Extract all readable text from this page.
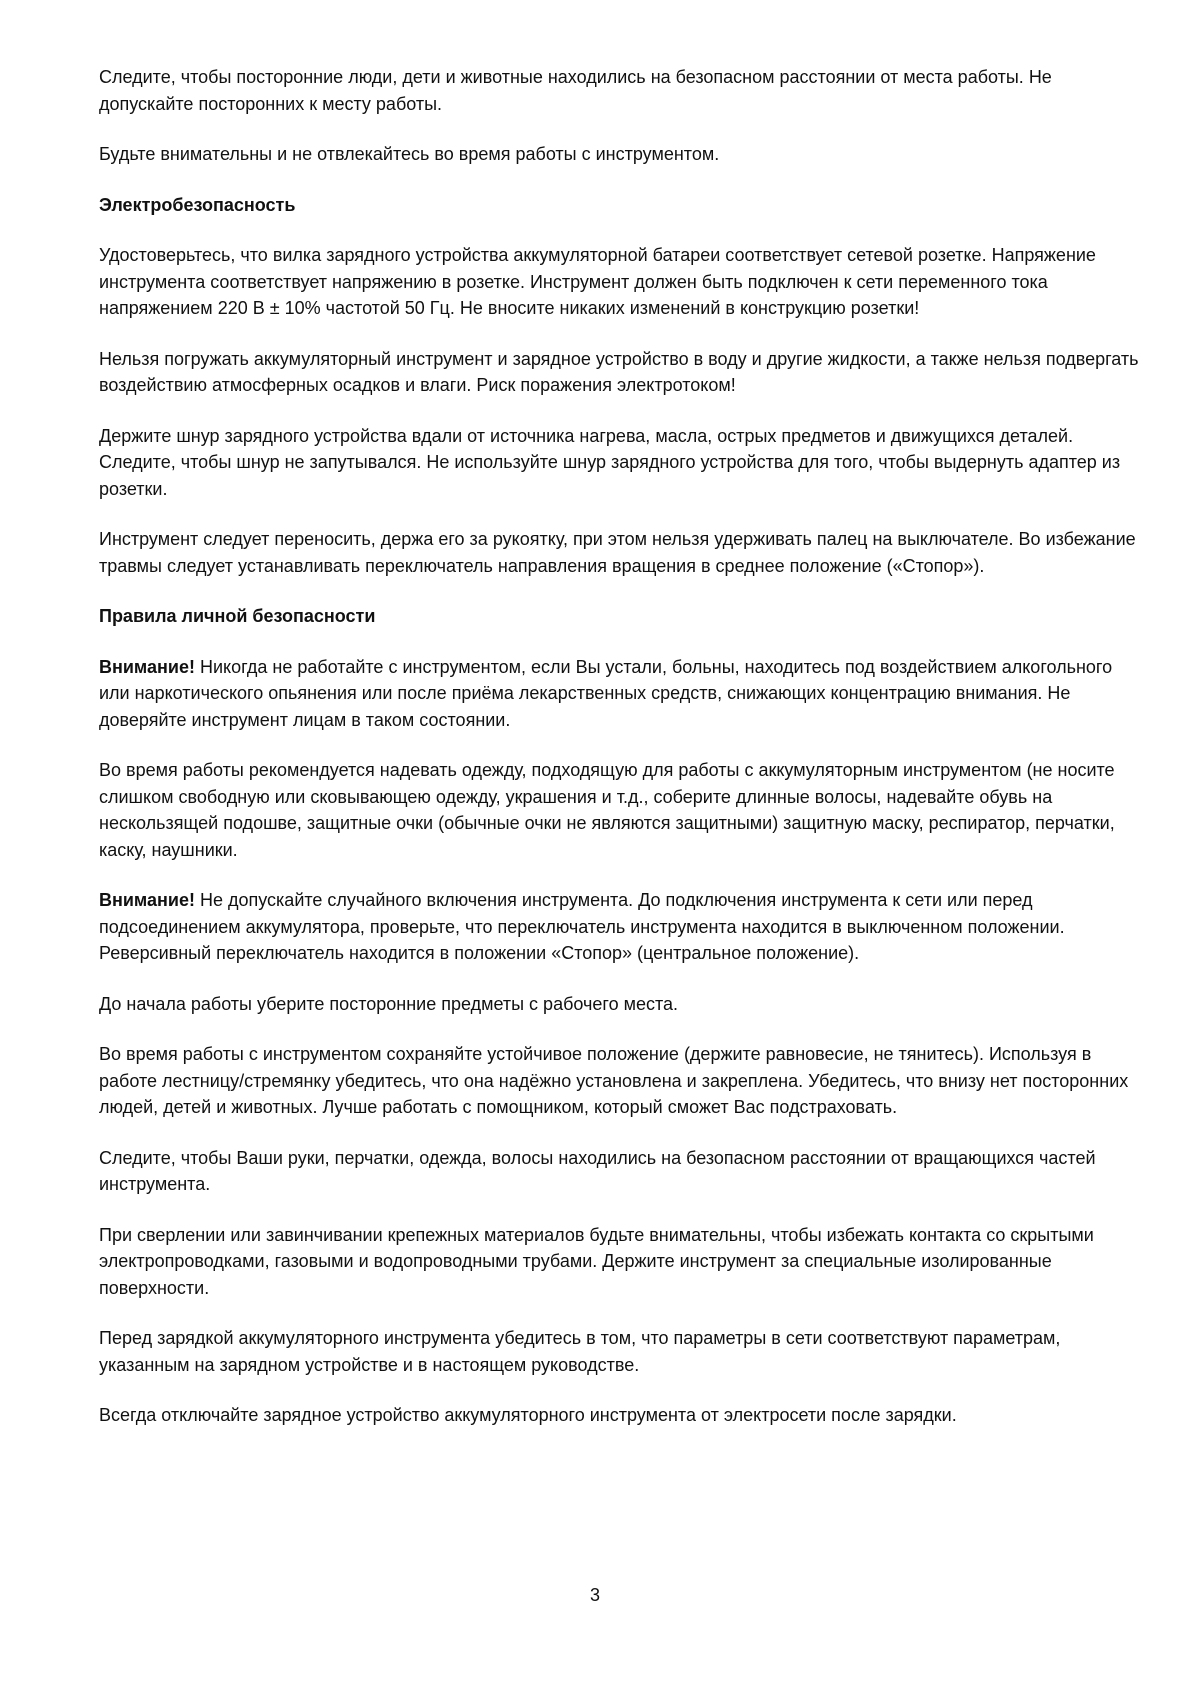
Следите, чтобы посторонние люди, дети и животные находились на безопасном расстоянии от места работы. Не допускайте посторонних к месту работы.

Будьте внимательны и не отвлекайтесь во время работы с инструментом.

Электробезопасность

Удостоверьтесь, что вилка зарядного устройства аккумуляторной батареи соответствует сетевой розетке. Напряжение инструмента соответствует напряжению в розетке. Инструмент должен быть подключен к сети переменного тока напряжением 220 В ± 10% частотой 50 Гц. Не вносите никаких изменений в конструкцию розетки!

Нельзя погружать аккумуляторный инструмент и зарядное устройство в воду и другие жидкости, а также нельзя подвергать воздействию атмосферных осадков и влаги. Риск поражения электротоком!

Держите шнур зарядного устройства вдали от источника нагрева, масла, острых предметов и движущихся деталей. Следите, чтобы шнур не запутывался. Не используйте шнур зарядного устройства для того, чтобы выдернуть адаптер из розетки.

Инструмент следует переносить, держа его за рукоятку, при этом нельзя удерживать палец на выключателе. Во избежание травмы следует устанавливать переключатель направления вращения в среднее положение («Стопор»).

Правила личной безопасности

Внимание! Никогда не работайте с инструментом, если Вы устали, больны, находитесь под воздействием алкогольного или наркотического опьянения или после приёма лекарственных средств, снижающих концентрацию внимания. Не доверяйте инструмент лицам в таком состоянии.

Во время работы рекомендуется надевать одежду, подходящую для работы с аккумуляторным инструментом (не носите слишком свободную или сковывающею одежду, украшения и т.д., соберите длинные волосы, надевайте обувь на нескользящей подошве, защитные очки (обычные очки не являются защитными) защитную маску, респиратор, перчатки, каску, наушники.

Внимание! Не допускайте случайного включения инструмента. До подключения инструмента к сети или перед подсоединением аккумулятора, проверьте, что переключатель инструмента находится в выключенном положении. Реверсивный переключатель находится в положении «Стопор» (центральное положение).

До начала работы уберите посторонние предметы с рабочего места.

Во время работы с инструментом сохраняйте устойчивое положение (держите равновесие, не тянитесь). Используя в работе лестницу/стремянку убедитесь, что она надёжно установлена и закреплена. Убедитесь, что внизу нет посторонних людей, детей и животных. Лучше работать с помощником, который сможет Вас подстраховать.

Следите, чтобы Ваши руки, перчатки, одежда, волосы находились на безопасном расстоянии от вращающихся частей инструмента.

При сверлении или завинчивании крепежных материалов будьте внимательны, чтобы избежать контакта со скрытыми электропроводками, газовыми и водопроводными трубами. Держите инструмент за специальные изолированные поверхности.

Перед зарядкой аккумуляторного инструмента убедитесь в том, что параметры в сети соответствуют параметрам, указанным на зарядном устройстве и в настоящем руководстве.

Всегда отключайте зарядное устройство аккумуляторного инструмента от электросети после зарядки.

3
